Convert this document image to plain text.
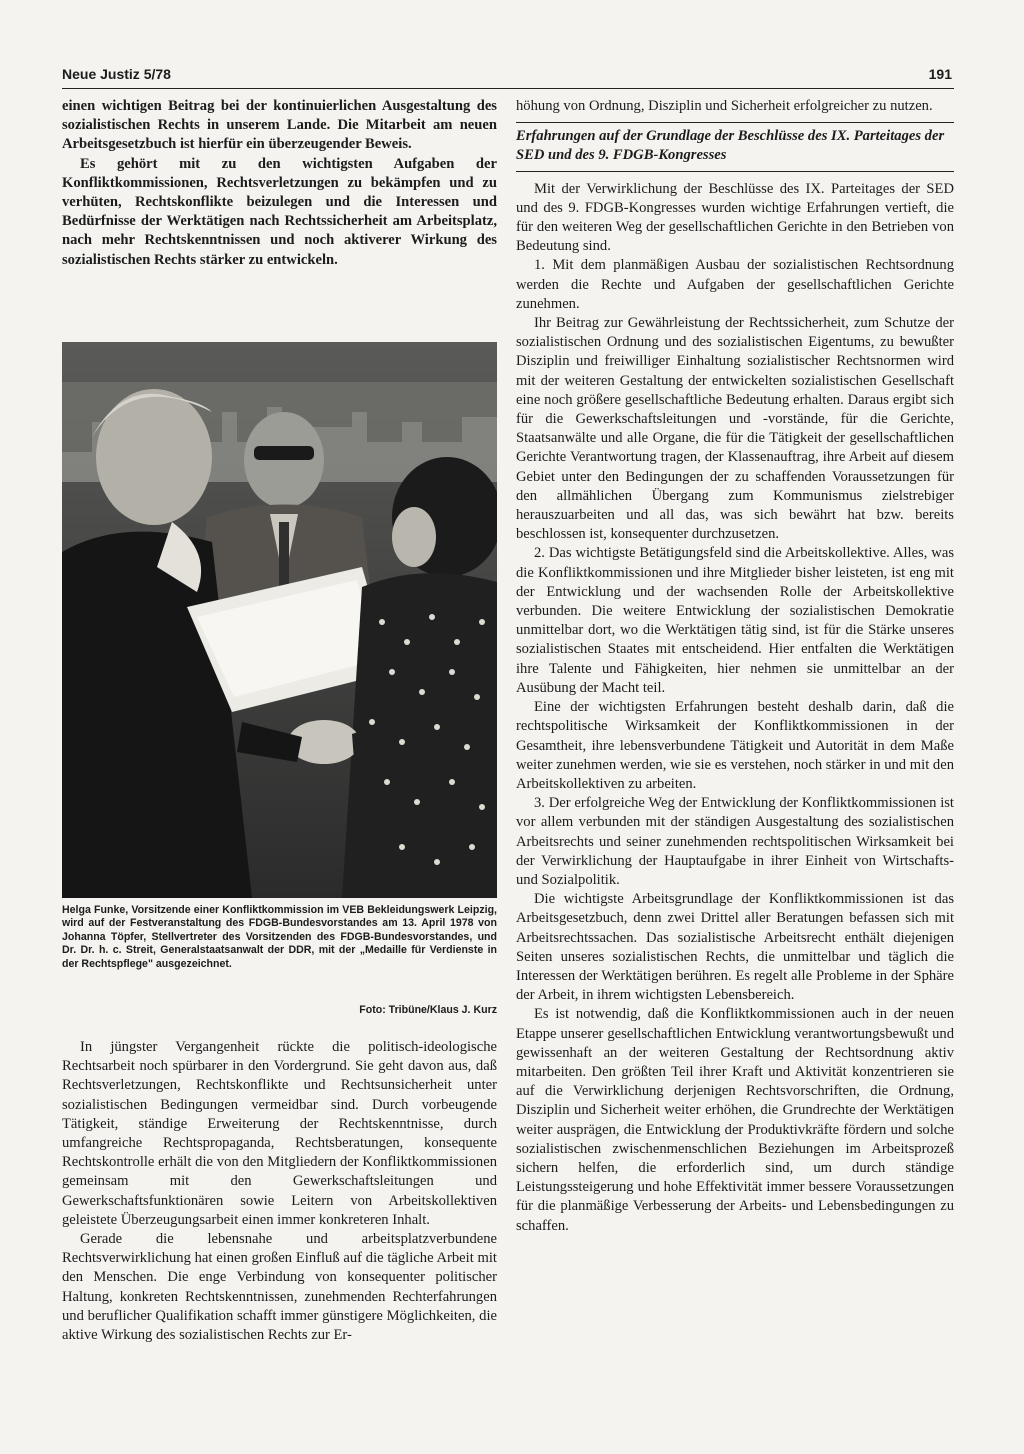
Neue Justiz 5/78	191

einen wichtigen Beitrag bei der kontinuierlichen Ausgestaltung des sozialistischen Rechts in unserem Lande. Die Mitarbeit am neuen Arbeitsgesetzbuch ist hierfür ein überzeugender Beweis.

Es gehört mit zu den wichtigsten Aufgaben der Konfliktkommissionen, Rechtsverletzungen zu bekämpfen und zu verhüten, Rechtskonflikte beizulegen und die Interessen und Bedürfnisse der Werktätigen nach Rechtssicherheit am Arbeitsplatz, nach mehr Rechtskenntnissen und noch aktiverer Wirkung des sozialistischen Rechts stärker zu entwickeln.

Helga Funke, Vorsitzende einer Konfliktkommission im VEB Bekleidungswerk Leipzig, wird auf der Festveranstaltung des FDGB-Bundesvorstandes am 13. April 1978 von Johanna Töpfer, Stellvertreter des Vorsitzenden des FDGB-Bundesvorstandes, und Dr. Dr. h. c. Streit, Generalstaatsanwalt der DDR, mit der „Medaille für Verdienste in der Rechtspflege" ausgezeichnet.
Foto: Tribüne/Klaus J. Kurz

In jüngster Vergangenheit rückte die politisch-ideologische Rechtsarbeit noch spürbarer in den Vordergrund. Sie geht davon aus, daß Rechtsverletzungen, Rechtskonflikte und Rechtsunsicherheit unter sozialistischen Bedingungen vermeidbar sind. Durch vorbeugende Tätigkeit, ständige Erweiterung der Rechtskenntnisse, durch umfangreiche Rechtspropaganda, Rechtsberatungen, konsequente Rechtskontrolle erhält die von den Mitgliedern der Konfliktkommissionen gemeinsam mit den Gewerkschaftsleitungen und Gewerkschaftsfunktionären sowie Leitern von Arbeitskollektiven geleistete Überzeugungsarbeit einen immer konkreteren Inhalt.

Gerade die lebensnahe und arbeitsplatzverbundene Rechtsverwirklichung hat einen großen Einfluß auf die tägliche Arbeit mit den Menschen. Die enge Verbindung von konsequenter politischer Haltung, konkreten Rechtskenntnissen, zunehmenden Rechterfahrungen und beruflicher Qualifikation schafft immer günstigere Möglichkeiten, die aktive Wirkung des sozialistischen Rechts zur Er-

höhung von Ordnung, Disziplin und Sicherheit erfolgreicher zu nutzen.

Erfahrungen auf der Grundlage der Beschlüsse des IX. Parteitages der SED und des 9. FDGB-Kongresses

Mit der Verwirklichung der Beschlüsse des IX. Parteitages der SED und des 9. FDGB-Kongresses wurden wichtige Erfahrungen vertieft, die für den weiteren Weg der gesellschaftlichen Gerichte in den Betrieben von Bedeutung sind.

1. Mit dem planmäßigen Ausbau der sozialistischen Rechtsordnung werden die Rechte und Aufgaben der gesellschaftlichen Gerichte zunehmen.

Ihr Beitrag zur Gewährleistung der Rechtssicherheit, zum Schutze der sozialistischen Ordnung und des sozialistischen Eigentums, zu bewußter Disziplin und freiwilliger Einhaltung sozialistischer Rechtsnormen wird mit der weiteren Gestaltung der entwickelten sozialistischen Gesellschaft eine noch größere gesellschaftliche Bedeutung erhalten. Daraus ergibt sich für die Gewerkschaftsleitungen und -vorstände, für die Gerichte, Staatsanwälte und alle Organe, die für die Tätigkeit der gesellschaftlichen Gerichte Verantwortung tragen, der Klassenauftrag, ihre Arbeit auf diesem Gebiet unter den Bedingungen der zu schaffenden Voraussetzungen für den allmählichen Übergang zum Kommunismus zielstrebiger herauszuarbeiten und all das, was sich bewährt hat bzw. bereits beschlossen ist, konsequenter durchzusetzen.

2. Das wichtigste Betätigungsfeld sind die Arbeitskollektive. Alles, was die Konfliktkommissionen und ihre Mitglieder bisher leisteten, ist eng mit der Entwicklung und der wachsenden Rolle der Arbeitskollektive verbunden. Die weitere Entwicklung der sozialistischen Demokratie unmittelbar dort, wo die Werktätigen tätig sind, ist für die Stärke unseres sozialistischen Staates mit entscheidend. Hier entfalten die Werktätigen ihre Talente und Fähigkeiten, hier nehmen sie unmittelbar an der Ausübung der Macht teil.

Eine der wichtigsten Erfahrungen besteht deshalb darin, daß die rechtspolitische Wirksamkeit der Konfliktkommissionen in der Gesamtheit, ihre lebensverbundene Tätigkeit und Autorität in dem Maße weiter zunehmen werden, wie sie es verstehen, noch stärker in und mit den Arbeitskollektiven zu arbeiten.

3. Der erfolgreiche Weg der Entwicklung der Konfliktkommissionen ist vor allem verbunden mit der ständigen Ausgestaltung des sozialistischen Arbeitsrechts und seiner zunehmenden rechtspolitischen Wirksamkeit bei der Verwirklichung der Hauptaufgabe in ihrer Einheit von Wirtschafts- und Sozialpolitik.

Die wichtigste Arbeitsgrundlage der Konfliktkommissionen ist das Arbeitsgesetzbuch, denn zwei Drittel aller Beratungen befassen sich mit Arbeitsrechtssachen. Das sozialistische Arbeitsrecht enthält diejenigen Seiten unseres sozialistischen Rechts, die unmittelbar und täglich die Interessen der Werktätigen berühren. Es regelt alle Probleme in der Sphäre der Arbeit, in ihrem wichtigsten Lebensbereich.

Es ist notwendig, daß die Konfliktkommissionen auch in der neuen Etappe unserer gesellschaftlichen Entwicklung verantwortungsbewußt und gewissenhaft an der weiteren Gestaltung der Rechtsordnung aktiv mitarbeiten. Den größten Teil ihrer Kraft und Aktivität konzentrieren sie auf die Verwirklichung derjenigen Rechtsvorschriften, die Ordnung, Disziplin und Sicherheit weiter erhöhen, die Grundrechte der Werktätigen weiter ausprägen, die Entwicklung der Produktivkräfte fördern und solche sozialistischen zwischenmenschlichen Beziehungen im Arbeitsprozeß sichern helfen, die erforderlich sind, um durch ständige Leistungssteigerung und hohe Effektivität immer bessere Voraussetzungen für die planmäßige Verbesserung der Arbeits- und Lebensbedingungen zu schaffen.
